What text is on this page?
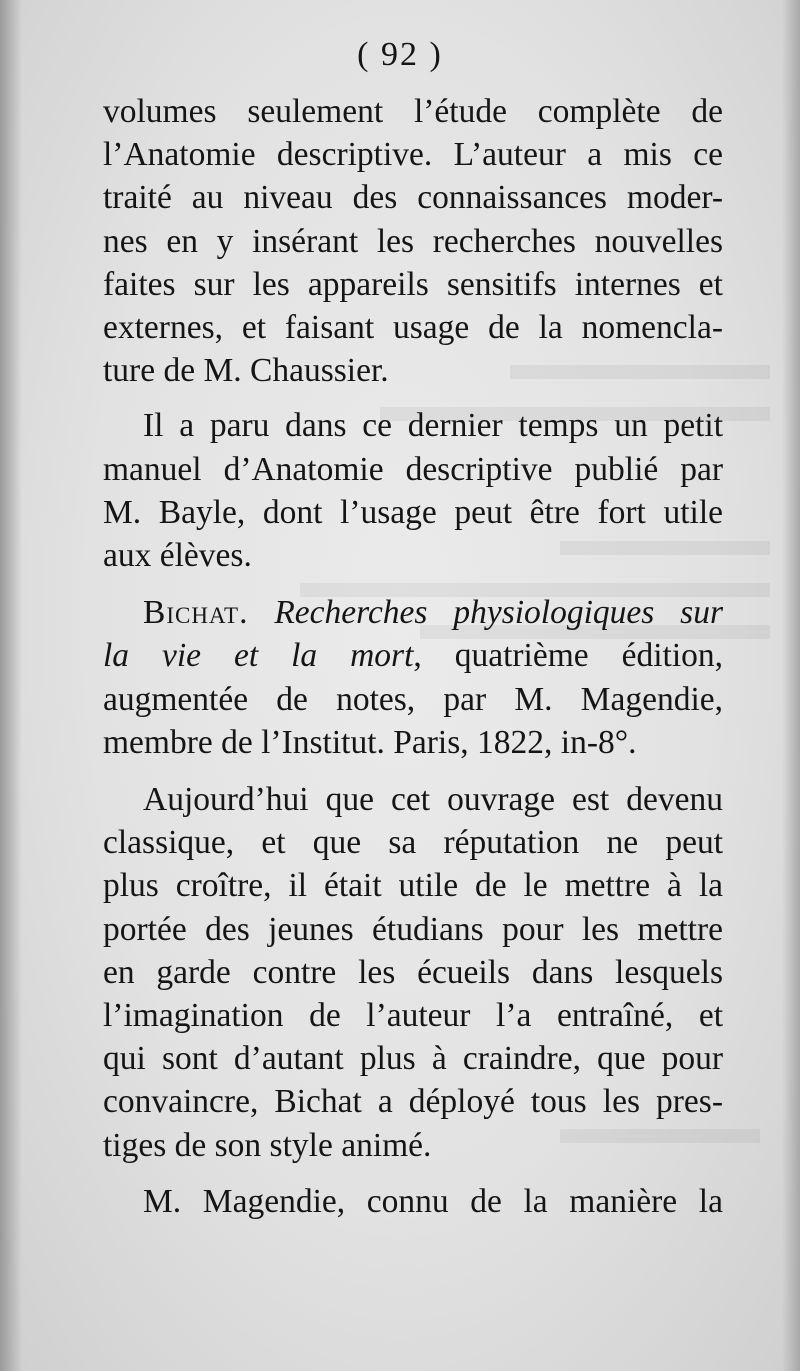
( 92 )

volumes seulement l’étude complète de
l’Anatomie descriptive. L’auteur a mis ce
traité au niveau des connaissances moder-
nes en y insérant les recherches nouvelles
faites sur les appareils sensitifs internes et
externes, et faisant usage de la nomencla-
ture de M. Chaussier.

Il a paru dans ce dernier temps un petit
manuel d’Anatomie descriptive publié par
M. Bayle, dont l’usage peut être fort utile
aux élèves.

Bichat. Recherches physiologiques sur
la vie et la mort, quatrième édition,
augmentée de notes, par M. Magendie,
membre de l’Institut. Paris, 1822, in-8°.

Aujourd’hui que cet ouvrage est devenu
classique, et que sa réputation ne peut
plus croître, il était utile de le mettre à la
portée des jeunes étudians pour les mettre
en garde contre les écueils dans lesquels
l’imagination de l’auteur l’a entraîné, et
qui sont d’autant plus à craindre, que pour
convaincre, Bichat a déployé tous les pres-
tiges de son style animé.

M. Magendie, connu de la manière la
